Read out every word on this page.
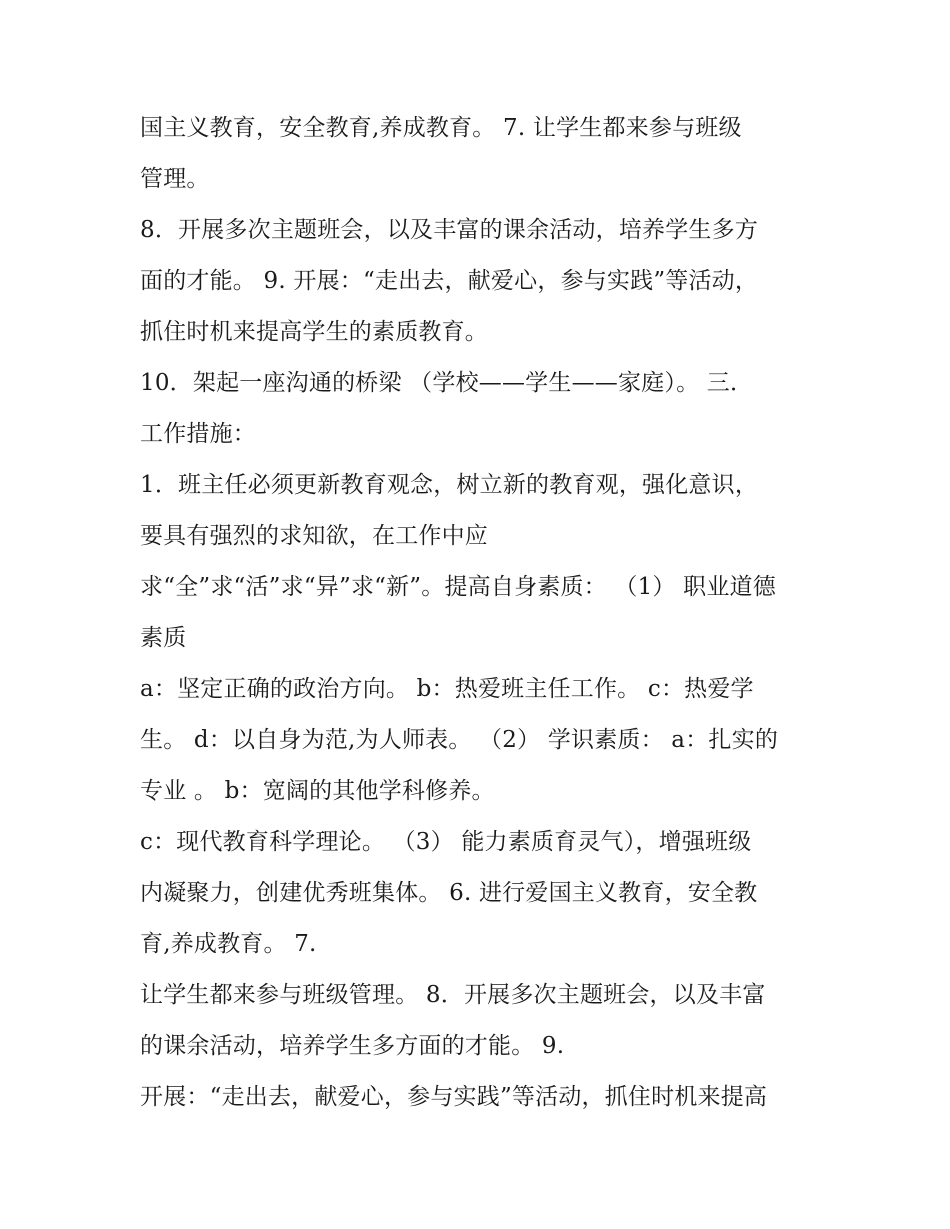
国主义教育，安全教育,养成教育。 7. 让学生都来参与班级
管理。
8．开展多次主题班会，以及丰富的课余活动，培养学生多方
面的才能。 9. 开展：“走出去，献爱心，参与实践”等活动，
抓住时机来提高学生的素质教育。
10．架起一座沟通的桥梁 （学校——学生——家庭）。 三．
工作措施：
1．班主任必须更新教育观念，树立新的教育观，强化意识，
要具有强烈的求知欲，在工作中应
求“全”求“活”求“异”求“新”。提高自身素质： （1） 职业道德
素质
a：坚定正确的政治方向。 b：热爱班主任工作。 c：热爱学
生。 d：以自身为范,为人师表。 （2） 学识素质： a：扎实的
专业 。 b：宽阔的其他学科修养。
c：现代教育科学理论。 （3） 能力素质育灵气），增强班级
内凝聚力，创建优秀班集体。 6. 进行爱国主义教育，安全教
育,养成教育。 7.
让学生都来参与班级管理。 8．开展多次主题班会，以及丰富
的课余活动，培养学生多方面的才能。 9.
开展：“走出去，献爱心，参与实践”等活动，抓住时机来提高
